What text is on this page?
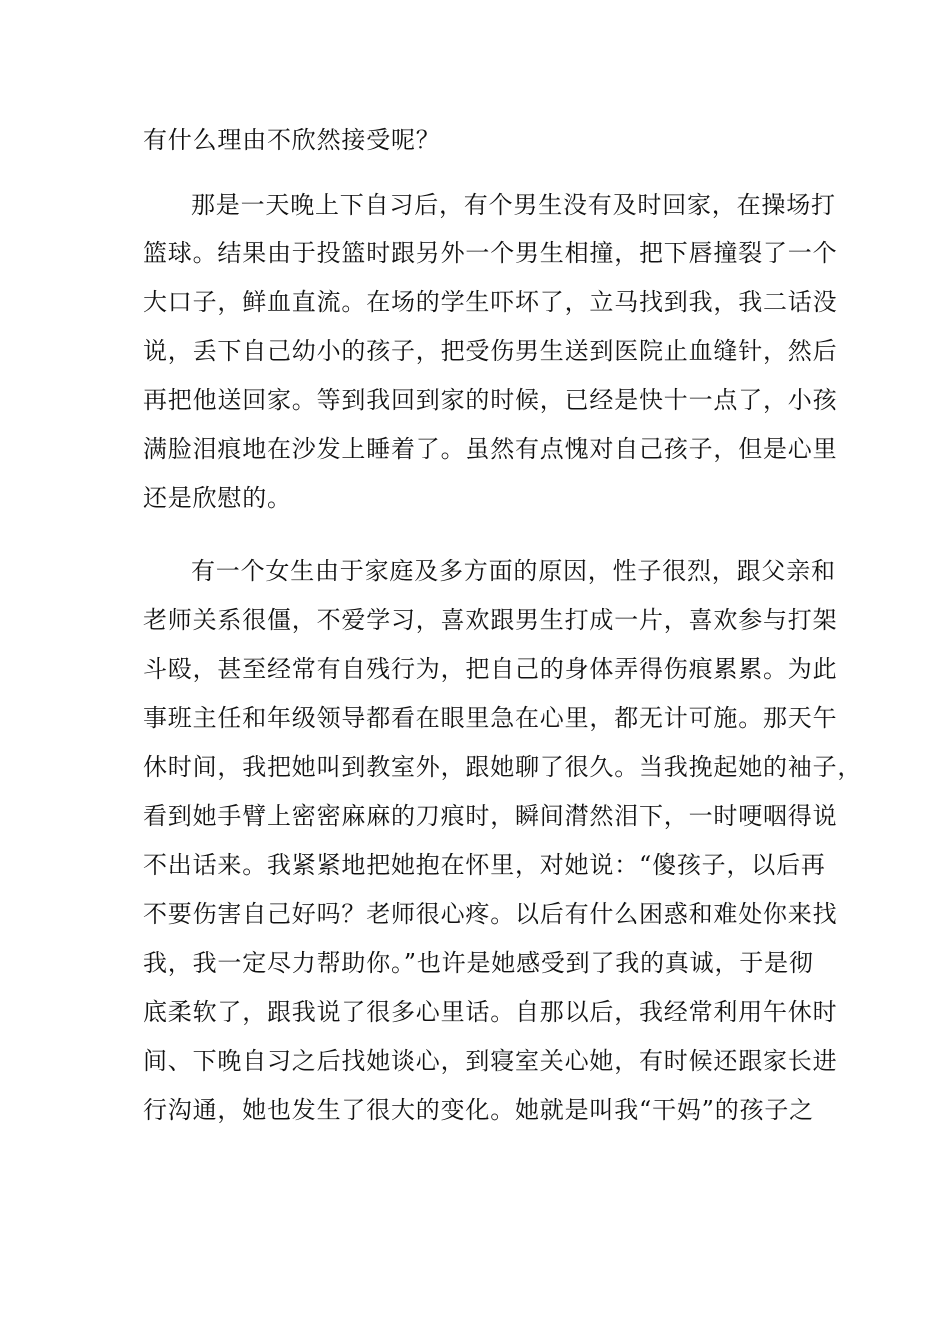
有什么理由不欣然接受呢？
那是一天晚上下自习后，有个男生没有及时回家，在操场打
篮球。结果由于投篮时跟另外一个男生相撞，把下唇撞裂了一个
大口子，鲜血直流。在场的学生吓坏了，立马找到我，我二话没
说，丢下自己幼小的孩子，把受伤男生送到医院止血缝针，然后
再把他送回家。等到我回到家的时候，已经是快十一点了，小孩
满脸泪痕地在沙发上睡着了。虽然有点愧对自己孩子，但是心里
还是欣慰的。
有一个女生由于家庭及多方面的原因，性子很烈，跟父亲和
老师关系很僵，不爱学习，喜欢跟男生打成一片，喜欢参与打架
斗殴，甚至经常有自残行为，把自己的身体弄得伤痕累累。为此
事班主任和年级领导都看在眼里急在心里，都无计可施。那天午
休时间，我把她叫到教室外，跟她聊了很久。当我挽起她的袖子，
看到她手臂上密密麻麻的刀痕时，瞬间潸然泪下，一时哽咽得说
不出话来。我紧紧地把她抱在怀里，对她说：“傻孩子，以后再
不要伤害自己好吗？老师很心疼。以后有什么困惑和难处你来找
我，我一定尽力帮助你。”也许是她感受到了我的真诚，于是彻
底柔软了，跟我说了很多心里话。自那以后，我经常利用午休时
间、下晚自习之后找她谈心，到寝室关心她，有时候还跟家长进
行沟通，她也发生了很大的变化。她就是叫我“干妈”的孩子之
